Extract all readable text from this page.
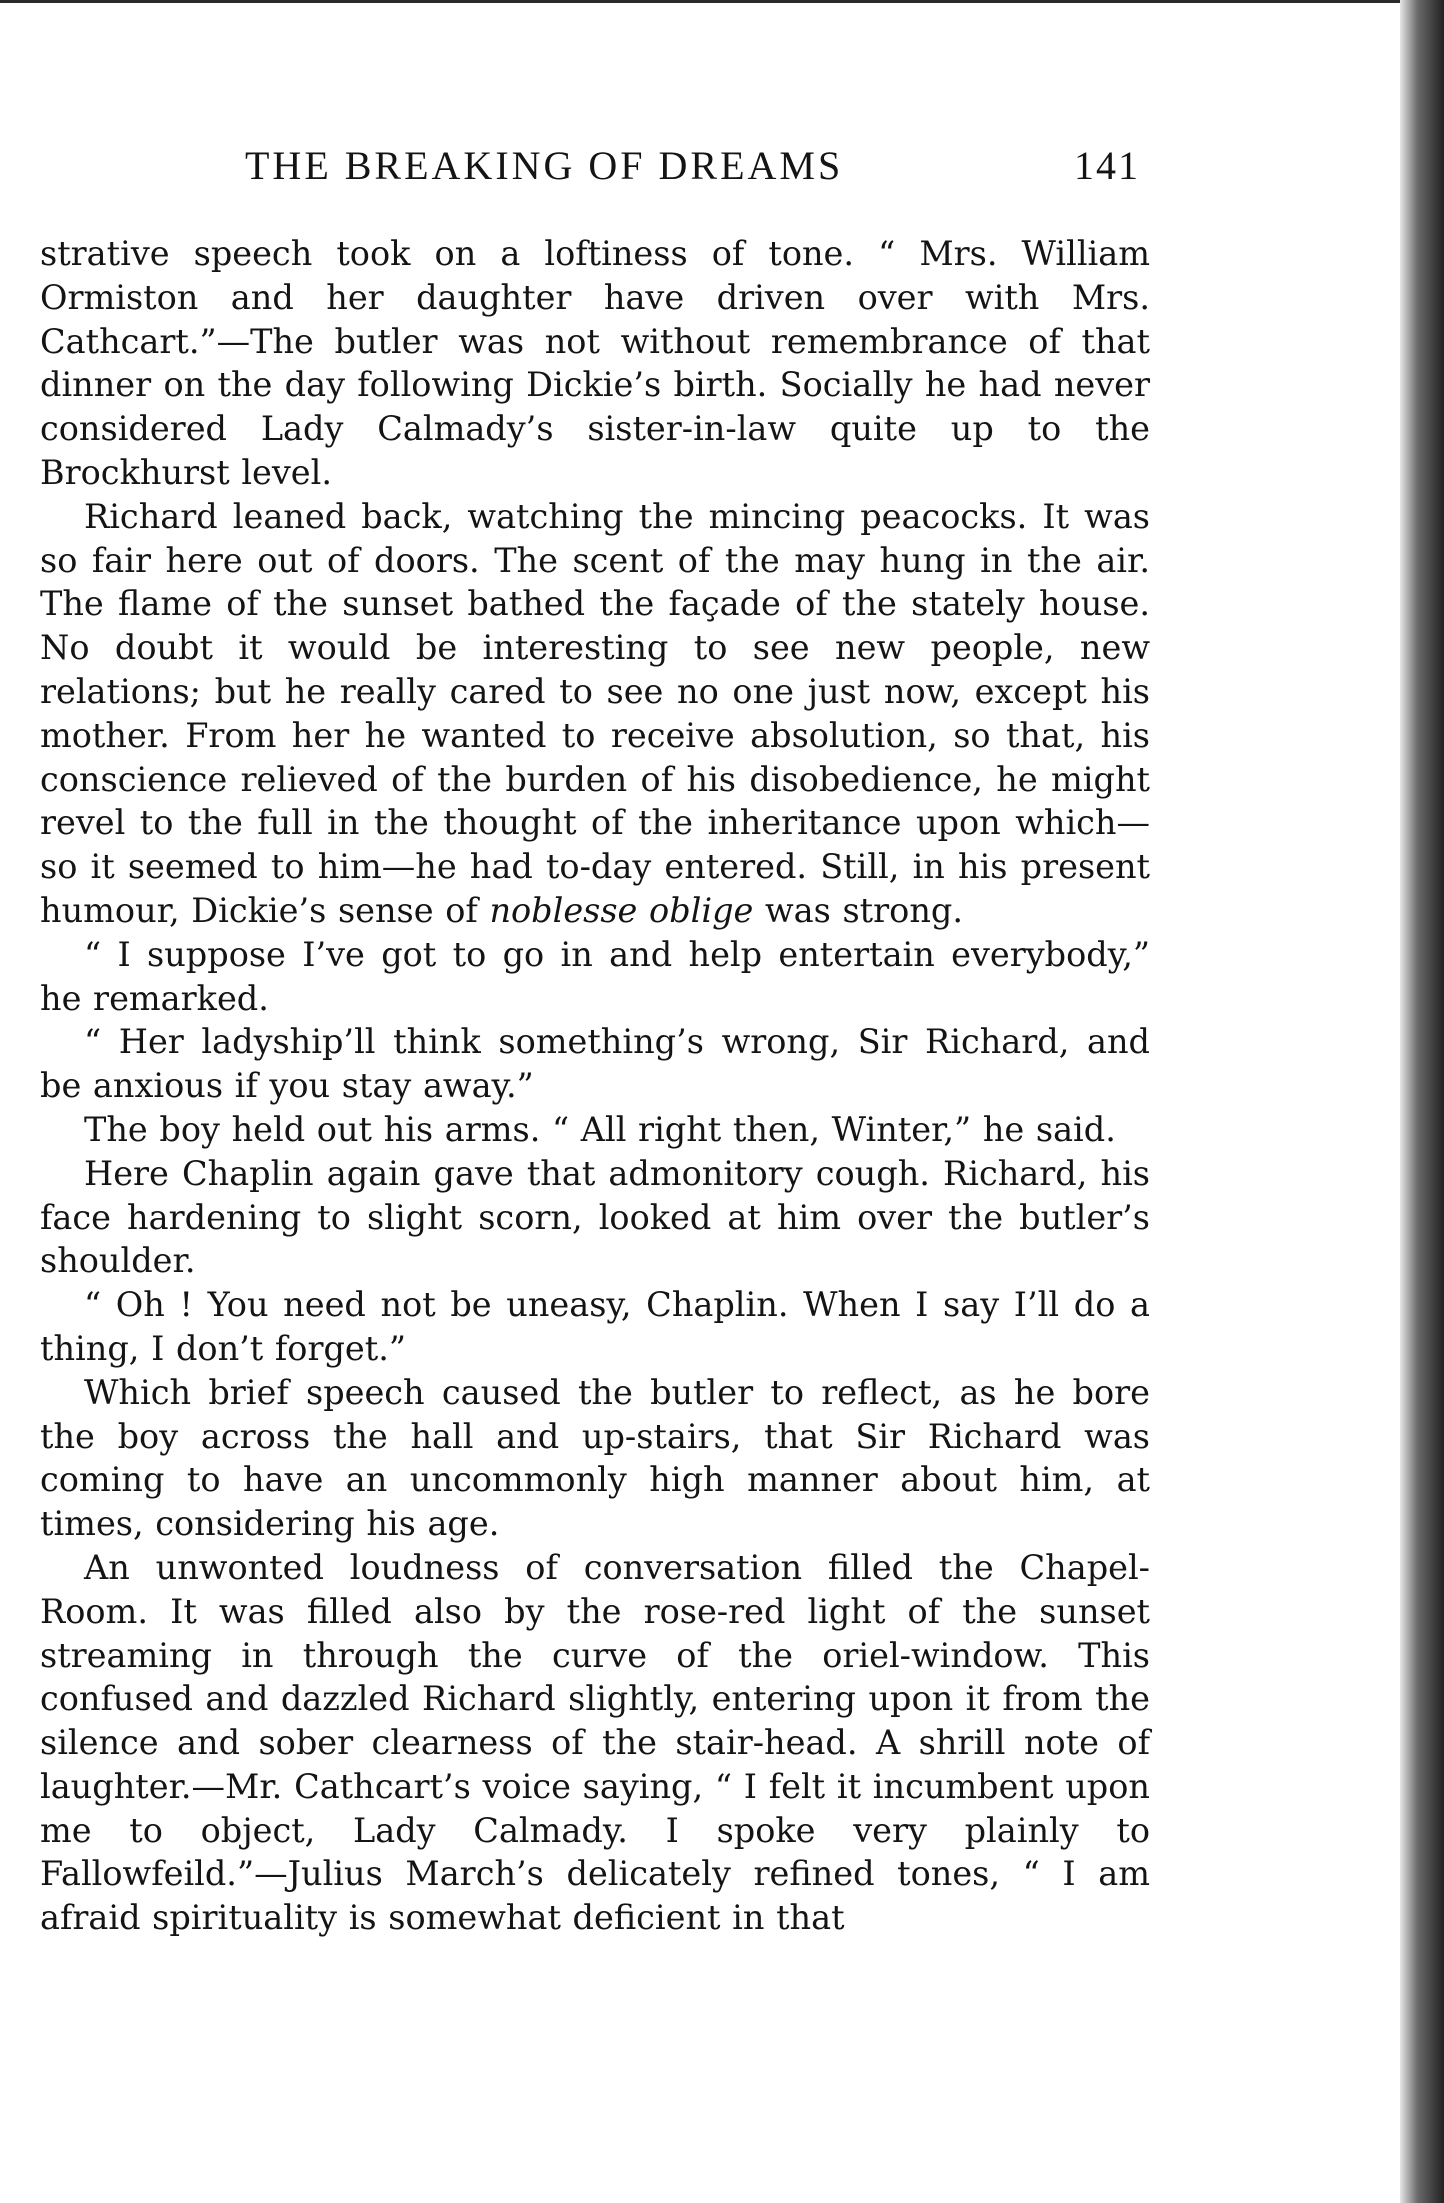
THE BREAKING OF DREAMS	141

strative speech took on a loftiness of tone. “ Mrs. William Ormiston and her daughter have driven over with Mrs. Cathcart.”—The butler was not without remembrance of that dinner on the day following Dickie’s birth. Socially he had never considered Lady Calmady’s sister-in-law quite up to the Brockhurst level.

Richard leaned back, watching the mincing peacocks. It was so fair here out of doors. The scent of the may hung in the air. The flame of the sunset bathed the façade of the stately house. No doubt it would be interesting to see new people, new relations; but he really cared to see no one just now, except his mother. From her he wanted to receive absolution, so that, his conscience relieved of the burden of his disobedience, he might revel to the full in the thought of the inheritance upon which—so it seemed to him—he had to-day entered. Still, in his present humour, Dickie’s sense of noblesse oblige was strong.

“ I suppose I’ve got to go in and help entertain everybody,” he remarked.

“ Her ladyship’ll think something’s wrong, Sir Richard, and be anxious if you stay away.”

The boy held out his arms. “ All right then, Winter,” he said.

Here Chaplin again gave that admonitory cough. Richard, his face hardening to slight scorn, looked at him over the butler’s shoulder.

“ Oh ! You need not be uneasy, Chaplin. When I say I’ll do a thing, I don’t forget.”

Which brief speech caused the butler to reflect, as he bore the boy across the hall and up-stairs, that Sir Richard was coming to have an uncommonly high manner about him, at times, considering his age.

An unwonted loudness of conversation filled the Chapel-Room. It was filled also by the rose-red light of the sunset streaming in through the curve of the oriel-window. This confused and dazzled Richard slightly, entering upon it from the silence and sober clearness of the stair-head. A shrill note of laughter.—Mr. Cathcart’s voice saying, “ I felt it incumbent upon me to object, Lady Calmady. I spoke very plainly to Fallowfeild.”—Julius March’s delicately refined tones, “ I am afraid spirituality is somewhat deficient in that
